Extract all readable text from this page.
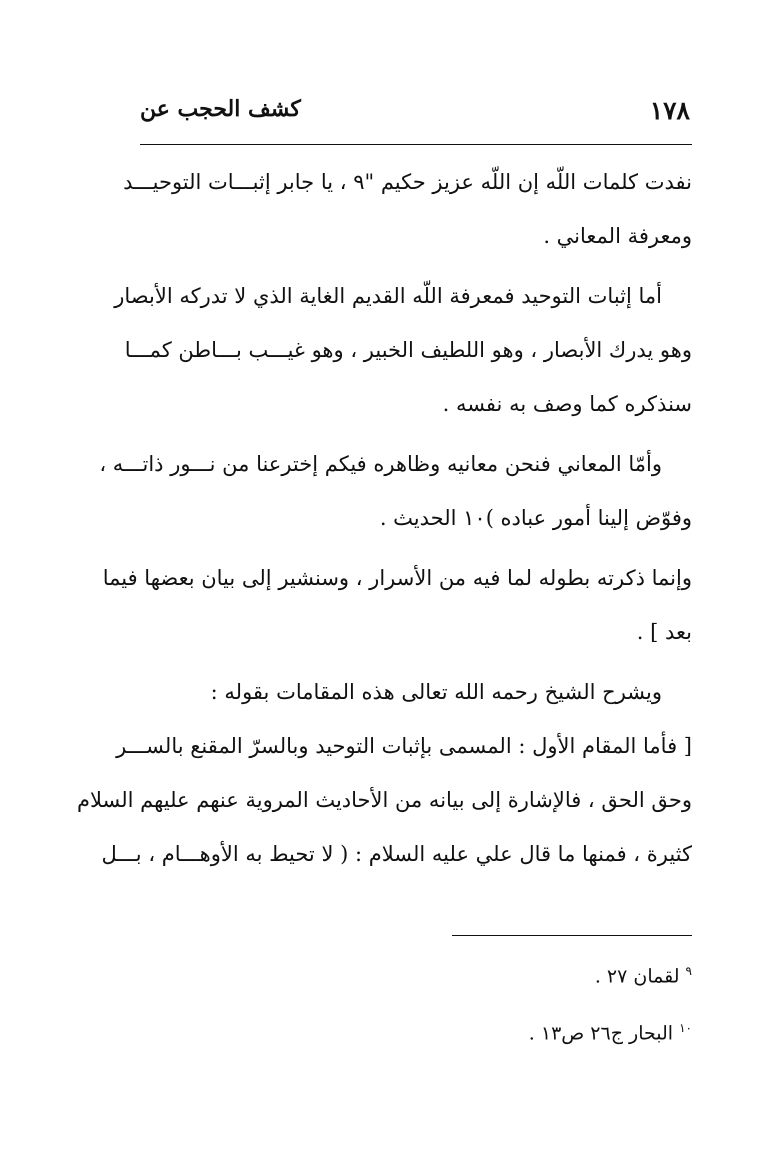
١٧٨
كشف الحجب عن
نفدت كلمات اللّه إن اللّه عزيز حكيم "٩ ، يا جابر إثبـــات التوحيـــد
ومعرفة المعاني .
أما إثبات التوحيد فمعرفة اللّه القديم الغاية الذي لا تدركه الأبصار
وهو يدرك الأبصار ، وهو اللطيف الخبير ، وهو غيـــب بـــاطن كمـــا
سنذكره كما وصف به نفسه .
وأمّا المعاني فنحن معانيه وظاهره فيكم إخترعنا من نـــور ذاتـــه ،
وفوّض إلينا أمور عباده )١٠ الحديث .
وإنما ذكرته بطوله لما فيه من الأسرار ، وسنشير إلى بيان بعضها فيما
بعد ] .
ويشرح الشيخ رحمه الله تعالى هذه المقامات بقوله :
[ فأما المقام الأول : المسمى بإثبات التوحيد وبالسرّ المقنع بالســـر
وحق الحق ، فالإشارة إلى بيانه من الأحاديث المروية عنهم عليهم السلام
كثيرة ، فمنها ما قال علي عليه السلام : ( لا تحيط به الأوهـــام ، بـــل
$^٩$ لقمان ٢٧ .
$^{١٠}$ البحار ج٢٦ ص١٣ .
